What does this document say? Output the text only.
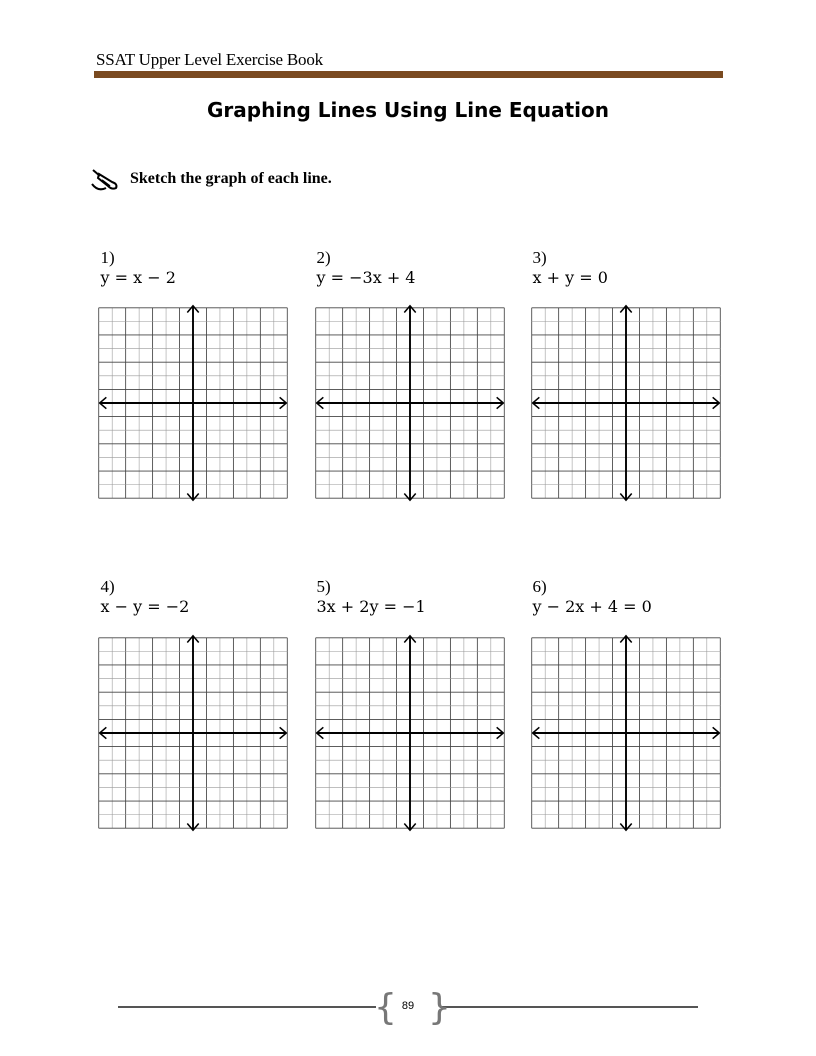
SSAT Upper Level Exercise Book
Graphing Lines Using Line Equation
Sketch the graph of each line.

1)
y = x − 2

2)
y = −3x + 4

3)
x + y = 0

4)
x − y = −2

5)
3x + 2y = −1

6)
y − 2x + 4 = 0

{ }
89
